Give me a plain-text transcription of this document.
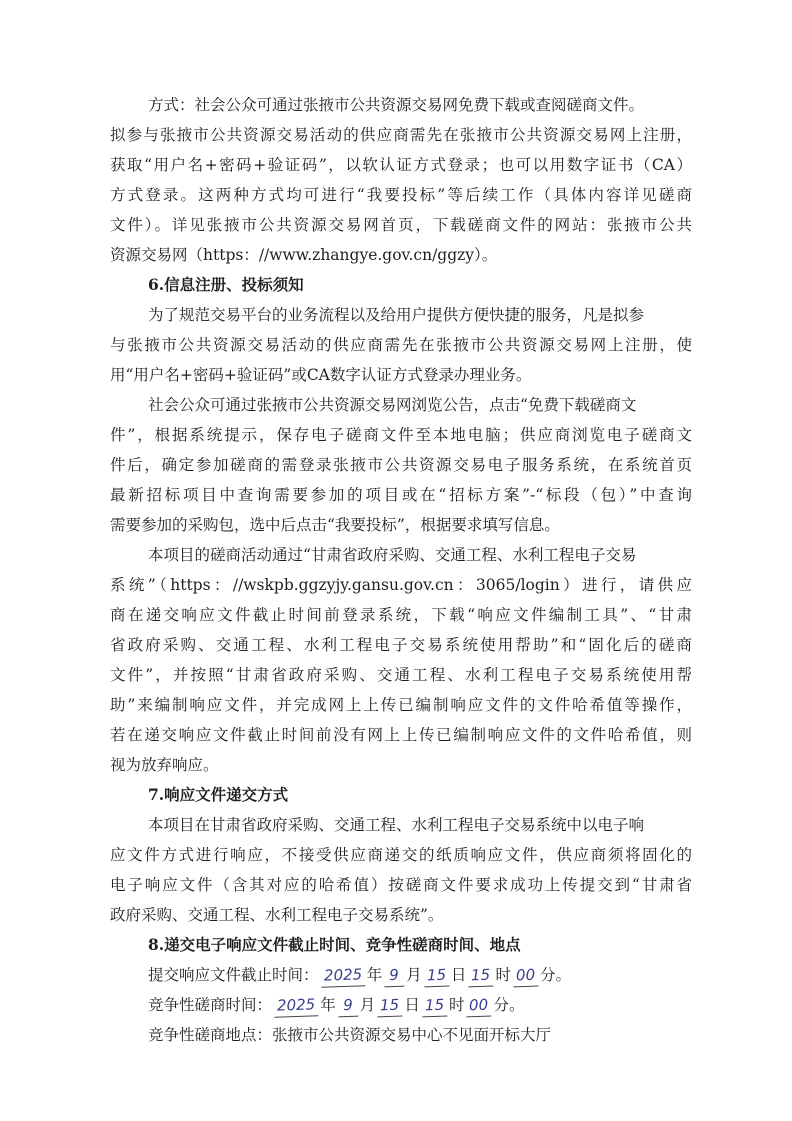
方式：社会公众可通过张掖市公共资源交易网免费下载或查阅磋商文件。

拟参与张掖市公共资源交易活动的供应商需先在张掖市公共资源交易网上注册，

获取“用户名+密码+验证码”，以软认证方式登录；也可以用数字证书（CA）

方式登录。这两种方式均可进行“我要投标”等后续工作（具体内容详见磋商

文件）。详见张掖市公共资源交易网首页，下载磋商文件的网站：张掖市公共

资源交易网（https：//www.zhangye.gov.cn/ggzy）。

6.信息注册、投标须知

为了规范交易平台的业务流程以及给用户提供方便快捷的服务，凡是拟参

与张掖市公共资源交易活动的供应商需先在张掖市公共资源交易网上注册，使

用“用户名+密码+验证码”或CA数字认证方式登录办理业务。

社会公众可通过张掖市公共资源交易网浏览公告，点击“免费下载磋商文

件”，根据系统提示，保存电子磋商文件至本地电脑；供应商浏览电子磋商文

件后，确定参加磋商的需登录张掖市公共资源交易电子服务系统，在系统首页

最新招标项目中查询需要参加的项目或在“招标方案”-“标段（包）”中查询

需要参加的采购包，选中后点击“我要投标”，根据要求填写信息。

本项目的磋商活动通过“甘肃省政府采购、交通工程、水利工程电子交易

系统”（https：//wskpb.ggzyjy.gansu.gov.cn：3065/login）进行，请供应

商在递交响应文件截止时间前登录系统，下载“响应文件编制工具”、“甘肃

省政府采购、交通工程、水利工程电子交易系统使用帮助”和“固化后的磋商

文件”，并按照“甘肃省政府采购、交通工程、水利工程电子交易系统使用帮

助”来编制响应文件，并完成网上上传已编制响应文件的文件哈希值等操作，

若在递交响应文件截止时间前没有网上上传已编制响应文件的文件哈希值，则

视为放弃响应。

7.响应文件递交方式

本项目在甘肃省政府采购、交通工程、水利工程电子交易系统中以电子响

应文件方式进行响应，不接受供应商递交的纸质响应文件，供应商须将固化的

电子响应文件（含其对应的哈希值）按磋商文件要求成功上传提交到“甘肃省

政府采购、交通工程、水利工程电子交易系统”。

8.递交电子响应文件截止时间、竞争性磋商时间、地点

提交响应文件截止时间： 2025 年 9 月 15 日 15 时 00 分。

竞争性磋商时间： 2025 年 9 月 15 日 15 时 00 分。

竞争性磋商地点：张掖市公共资源交易中心不见面开标大厅
